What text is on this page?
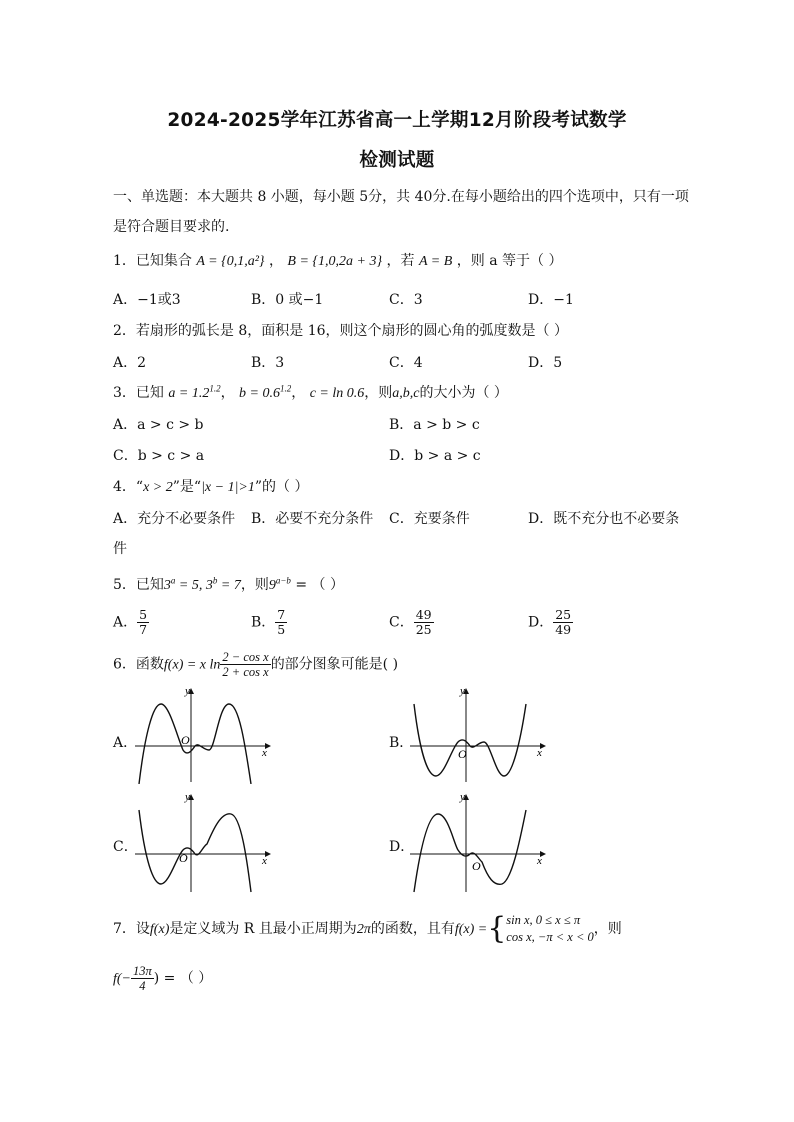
2024-2025学年江苏省高一上学期12月阶段考试数学
检测试题
一、单选题：本大题共 8 小题，每小题 5分，共 40分.在每小题给出的四个选项中，只有一项
是符合题目要求的.
1．已知集合 A = {0,1,a²} ， B = {1,0,2a + 3} ，若 A = B ，则 a 等于（ ）
A．−1或3	B．0 或−1	C．3	D．−1
2．若扇形的弧长是 8，面积是 16，则这个扇形的圆心角的弧度数是（ ）
A．2	B．3	C．4	D．5
3．已知 $a = 1.2^{1.2}$， $b = 0.6^{1.2}$， c = ln 0.6，则a,b,c的大小为（ ）
A．a > c > b	B．a > b > c
C．b > c > a	D．b > a > c
4．“x > 2”是“|x − 1|>1”的（ ）
A．充分不必要条件 B．必要不充分条件 C．充要条件	D．既不充分也不必要条
件
5．已知$3^a = 5$, $3^b = 7$，则$9^{a-b}$ = （ ）
A． $\frac{5}{7}$	B． $\frac{7}{5}$	C． $\frac{49}{25}$	D． $\frac{25}{49}$
6．函数f(x) = x $\ln \frac{\text{2 − cos x}}{\text{2 + cos x}}$ 的部分图象可能是( )
A．	B．
C．	D．
x
y
O
x
y
O
x
y
O	x
y
O
7．设f(x)是定义域为 R 且最小正周期为2π的函数，且有f(x) ={ sin x, 0 ≤ x ≤ π
cos x, −π < x < 0 ，则
$f(- \frac{13\pi}{4}$ ) = （ ）
